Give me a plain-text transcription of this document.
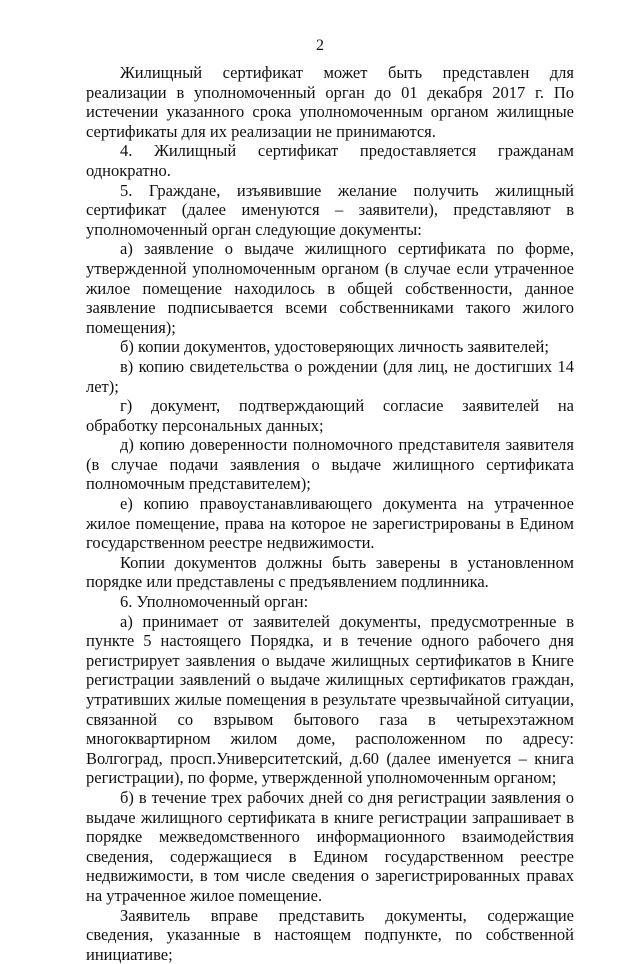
2

Жилищный сертификат может быть представлен для реализации в уполномоченный орган до 01 декабря 2017 г. По истечении указанного срока уполномоченным органом жилищные сертификаты для их реализации не принимаются.

4. Жилищный сертификат предоставляется гражданам однократно.

5. Граждане, изъявившие желание получить жилищный сертификат (далее именуются – заявители), представляют в уполномоченный орган следующие документы:

а) заявление о выдаче жилищного сертификата по форме, утвержденной уполномоченным органом (в случае если утраченное жилое помещение находилось в общей собственности, данное заявление подписывается всеми собственниками такого жилого помещения);

б) копии документов, удостоверяющих личность заявителей;

в) копию свидетельства о рождении (для лиц, не достигших 14 лет);

г) документ, подтверждающий согласие заявителей на обработку персональных данных;

д) копию доверенности полномочного представителя заявителя (в случае подачи заявления о выдаче жилищного сертификата полномочным представителем);

е) копию правоустанавливающего документа на утраченное жилое помещение, права на которое не зарегистрированы в Едином государственном реестре недвижимости.

Копии документов должны быть заверены в установленном порядке или представлены с предъявлением подлинника.

6. Уполномоченный орган:

а) принимает от заявителей документы, предусмотренные в пункте 5 настоящего Порядка, и в течение одного рабочего дня регистрирует заявления о выдаче жилищных сертификатов в Книге регистрации заявлений о выдаче жилищных сертификатов граждан, утративших жилые помещения в результате чрезвычайной ситуации, связанной со взрывом бытового газа в четырехэтажном многоквартирном жилом доме, расположенном по адресу: Волгоград, просп.Университетский, д.60 (далее именуется – книга регистрации), по форме, утвержденной уполномоченным органом;

б) в течение трех рабочих дней со дня регистрации заявления о выдаче жилищного сертификата в книге регистрации запрашивает в порядке межведомственного информационного взаимодействия сведения, содержащиеся в Едином государственном реестре недвижимости, в том числе сведения о зарегистрированных правах на утраченное жилое помещение.

Заявитель вправе представить документы, содержащие сведения, указанные в настоящем подпункте, по собственной инициативе;
